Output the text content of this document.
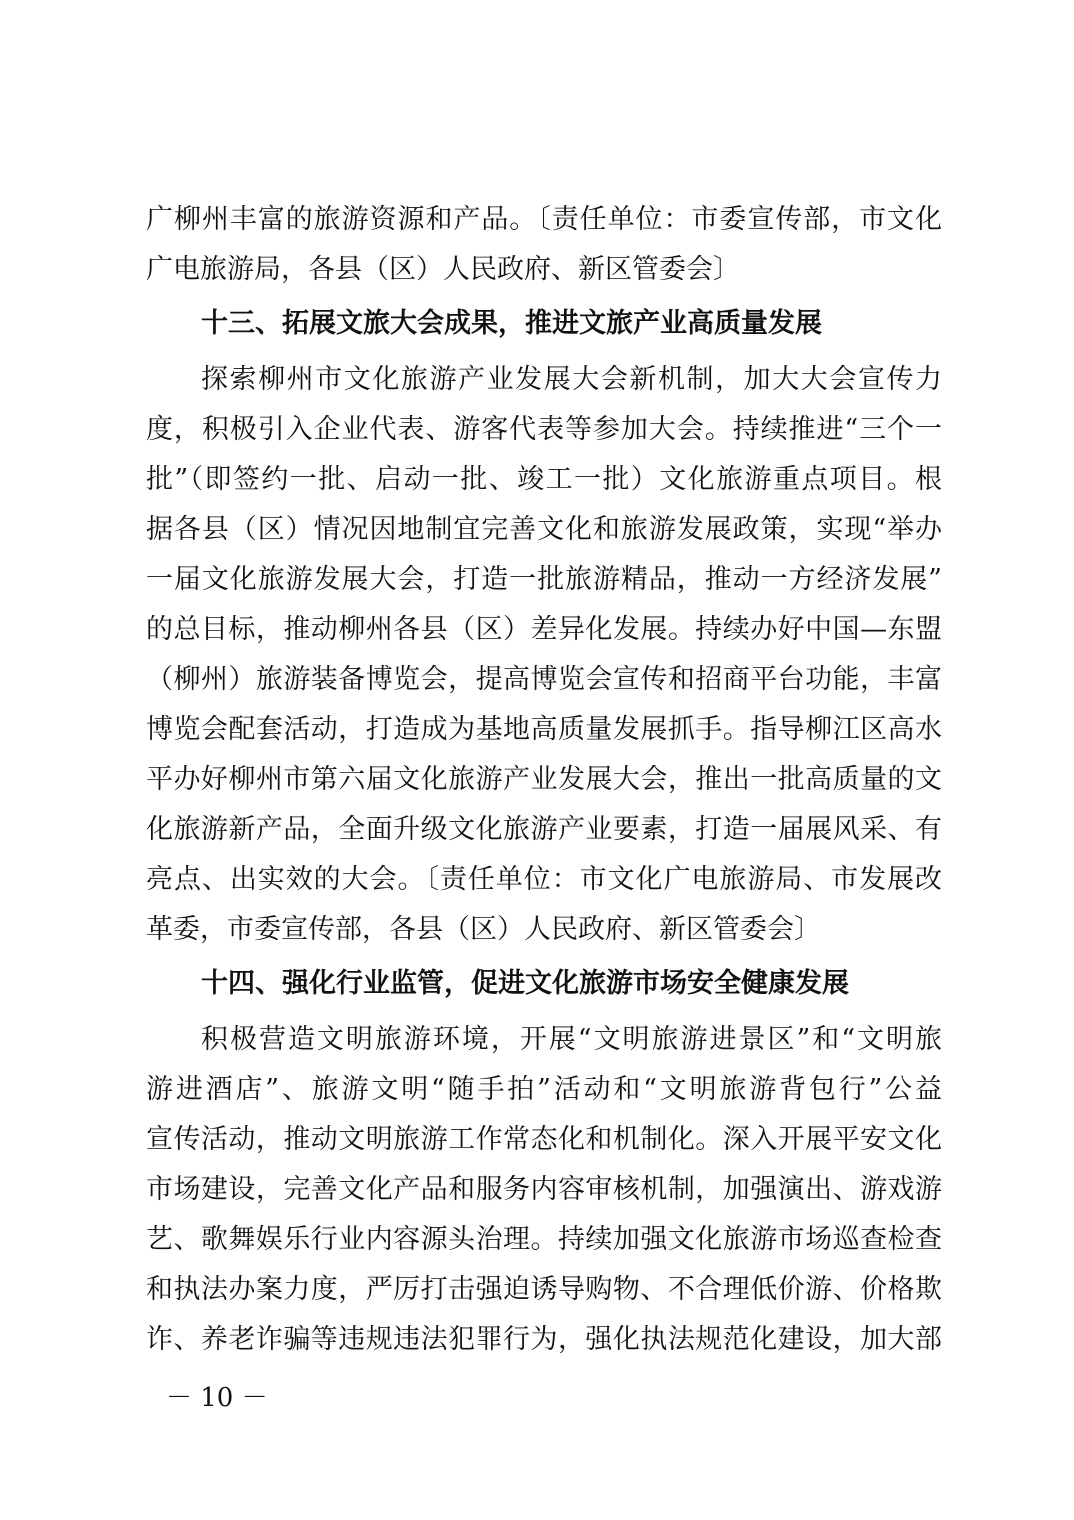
广柳州丰富的旅游资源和产品。〔责任单位：市委宣传部，市文化
广电旅游局，各县（区）人民政府、新区管委会〕
十三、拓展文旅大会成果，推进文旅产业高质量发展
探索柳州市文化旅游产业发展大会新机制，加大大会宣传力
度，积极引入企业代表、游客代表等参加大会。持续推进“三个一
批”（即签约一批、启动一批、竣工一批）文化旅游重点项目。根
据各县（区）情况因地制宜完善文化和旅游发展政策，实现“举办
一届文化旅游发展大会，打造一批旅游精品，推动一方经济发展”
的总目标，推动柳州各县（区）差异化发展。持续办好中国—东盟
（柳州）旅游装备博览会，提高博览会宣传和招商平台功能，丰富
博览会配套活动，打造成为基地高质量发展抓手。指导柳江区高水
平办好柳州市第六届文化旅游产业发展大会，推出一批高质量的文
化旅游新产品，全面升级文化旅游产业要素，打造一届展风采、有
亮点、出实效的大会。〔责任单位：市文化广电旅游局、市发展改
革委，市委宣传部，各县（区）人民政府、新区管委会〕
十四、强化行业监管，促进文化旅游市场安全健康发展
积极营造文明旅游环境，开展“文明旅游进景区”和“文明旅
游进酒店”、旅游文明“随手拍”活动和“文明旅游背包行”公益
宣传活动，推动文明旅游工作常态化和机制化。深入开展平安文化
市场建设，完善文化产品和服务内容审核机制，加强演出、游戏游
艺、歌舞娱乐行业内容源头治理。持续加强文化旅游市场巡查检查
和执法办案力度，严厉打击强迫诱导购物、不合理低价游、价格欺
诈、养老诈骗等违规违法犯罪行为，强化执法规范化建设，加大部
－ 10 －
